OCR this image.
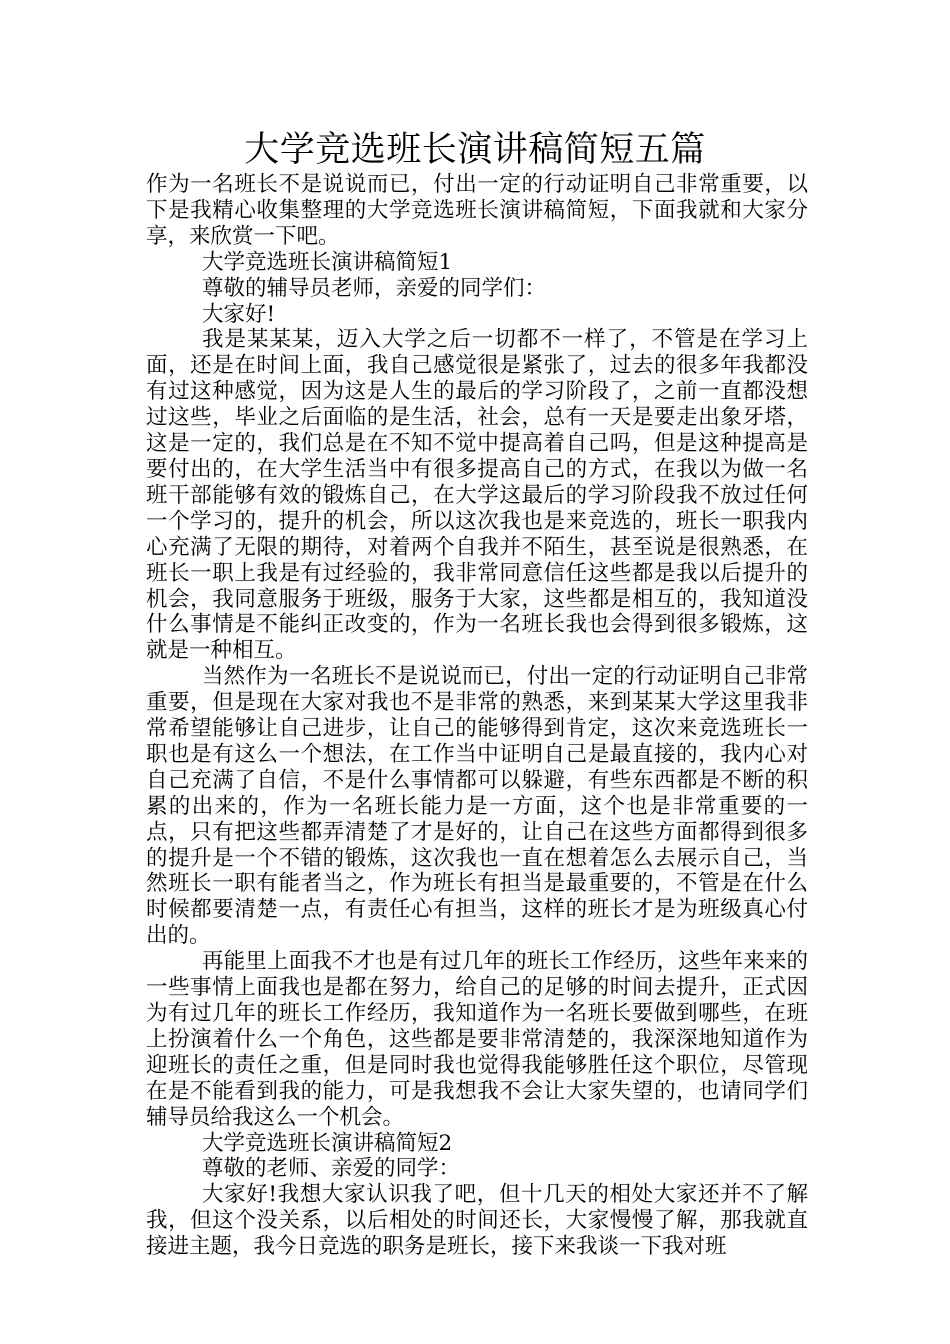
大学竞选班长演讲稿简短五篇

作为一名班长不是说说而已，付出一定的行动证明自己非常重要，以下是我精心收集整理的大学竞选班长演讲稿简短，下面我就和大家分享，来欣赏一下吧。

大学竞选班长演讲稿简短1

尊敬的辅导员老师，亲爱的同学们：

大家好!

我是某某某，迈入大学之后一切都不一样了，不管是在学习上面，还是在时间上面，我自己感觉很是紧张了，过去的很多年我都没有过这种感觉，因为这是人生的最后的学习阶段了，之前一直都没想过这些，毕业之后面临的是生活，社会，总有一天是要走出象牙塔，这是一定的，我们总是在不知不觉中提高着自己吗，但是这种提高是要付出的，在大学生活当中有很多提高自己的方式，在我以为做一名班干部能够有效的锻炼自己，在大学这最后的学习阶段我不放过任何一个学习的，提升的机会，所以这次我也是来竞选的，班长一职我内心充满了无限的期待，对着两个自我并不陌生，甚至说是很熟悉，在班长一职上我是有过经验的，我非常同意信任这些都是我以后提升的机会，我同意服务于班级，服务于大家，这些都是相互的，我知道没什么事情是不能纠正改变的，作为一名班长我也会得到很多锻炼，这就是一种相互。

当然作为一名班长不是说说而已，付出一定的行动证明自己非常重要，但是现在大家对我也不是非常的熟悉，来到某某大学这里我非常希望能够让自己进步，让自己的能够得到肯定，这次来竞选班长一职也是有这么一个想法，在工作当中证明自己是最直接的，我内心对自己充满了自信，不是什么事情都可以躲避，有些东西都是不断的积累的出来的，作为一名班长能力是一方面，这个也是非常重要的一点，只有把这些都弄清楚了才是好的，让自己在这些方面都得到很多的提升是一个不错的锻炼，这次我也一直在想着怎么去展示自己，当然班长一职有能者当之，作为班长有担当是最重要的，不管是在什么时候都要清楚一点，有责任心有担当，这样的班长才是为班级真心付出的。

再能里上面我不才也是有过几年的班长工作经历，这些年来来的一些事情上面我也是都在努力，给自己的足够的时间去提升，正式因为有过几年的班长工作经历，我知道作为一名班长要做到哪些，在班上扮演着什么一个角色，这些都是要非常清楚的，我深深地知道作为迎班长的责任之重，但是同时我也觉得我能够胜任这个职位，尽管现在是不能看到我的能力，可是我想我不会让大家失望的，也请同学们辅导员给我这么一个机会。

大学竞选班长演讲稿简短2

尊敬的老师、亲爱的同学：

大家好!我想大家认识我了吧，但十几天的相处大家还并不了解我，但这个没关系，以后相处的时间还长，大家慢慢了解，那我就直接进主题，我今日竞选的职务是班长，接下来我谈一下我对班
